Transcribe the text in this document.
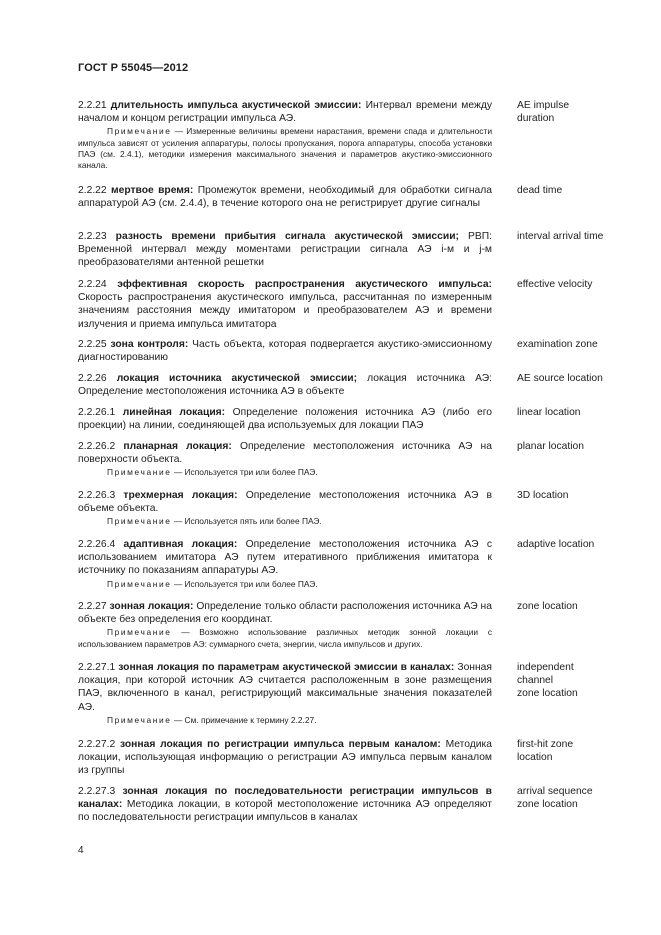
ГОСТ Р 55045—2012
2.2.21 длительность импульса акустической эмиссии: Интервал времени между началом и концом регистрации импульса АЭ.
Примечание — Измеренные величины времени нарастания, времени спада и длительности импульса зависят от усиления аппаратуры, полосы пропускания, порога аппаратуры, способа установки ПАЭ (см. 2.4.1), методики измерения максимального значения и параметров акустико-эмиссионного канала.
AE impulse
duration
2.2.22 мертвое время: Промежуток времени, необходимый для обработки сигнала аппаратурой АЭ (см. 2.4.4), в течение которого она не регистрирует другие сигналы
dead time
2.2.23 разность времени прибытия сигнала акустической эмиссии; РВП: Временной интервал между моментами регистрации сигнала АЭ i-м и j-м преобразователями антенной решетки
interval arrival time
2.2.24 эффективная скорость распространения акустического импульса: Скорость распространения акустического импульса, рассчитанная по измеренным значениям расстояния между имитатором и преобразователем АЭ и времени излучения и приема импульса имитатора
effective velocity
2.2.25 зона контроля: Часть объекта, которая подвергается акустико-эмиссионному диагностированию
examination zone
2.2.26 локация источника акустической эмиссии; локация источника АЭ: Определение местоположения источника АЭ в объекте
AE source location
2.2.26.1 линейная локация: Определение положения источника АЭ (либо его проекции) на линии, соединяющей два используемых для локации ПАЭ
linear location
2.2.26.2 планарная локация: Определение местоположения источника АЭ на поверхности объекта.
Примечание — Используется три или более ПАЭ.
planar location
2.2.26.3 трехмерная локация: Определение местоположения источника АЭ в объеме объекта.
Примечание — Используется пять или более ПАЭ.
3D location
2.2.26.4 адаптивная локация: Определение местоположения источника АЭ с использованием имитатора АЭ путем итеративного приближения имитатора к источнику по показаниям аппаратуры АЭ.
Примечание — Используется три или более ПАЭ.
adaptive location
2.2.27 зонная локация: Определение только области расположения источника АЭ на объекте без определения его координат.
Примечание — Возможно использование различных методик зонной локации с использованием параметров АЭ: суммарного счета, энергии, числа импульсов и других.
zone location
2.2.27.1 зонная локация по параметрам акустической эмиссии в каналах: Зонная локация, при которой источник АЭ считается расположенным в зоне размещения ПАЭ, включенного в канал, регистрирующий максимальные значения показателей АЭ.
Примечание — См. примечание к термину 2.2.27.
independent
channel
zone location
2.2.27.2 зонная локация по регистрации импульса первым каналом: Методика локации, использующая информацию о регистрации АЭ импульса первым каналом из группы
first-hit zone
location
2.2.27.3 зонная локация по последовательности регистрации импульсов в каналах: Методика локации, в которой местоположение источника АЭ определяют по последовательности регистрации импульсов в каналах
arrival sequence
zone location
4
